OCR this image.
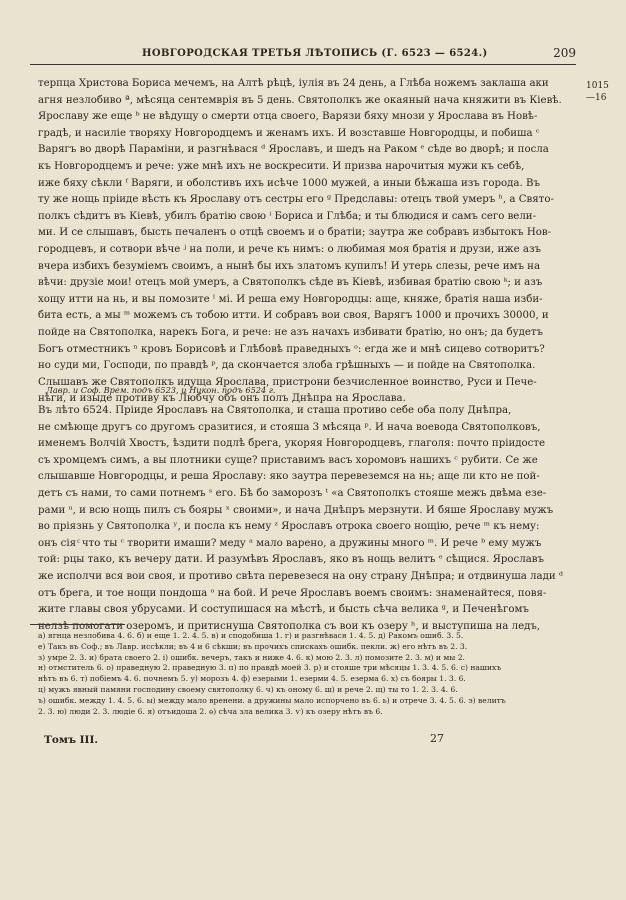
НОВГОРОДСКАЯ ТРЕТЬЯ ЛѢТОПИСЬ (Г. 6523 — 6524.)	209
1015
—16
терпца Христова Бориса мечемъ, на Алтѣ рѣцѣ, іулія въ 24 день, а Глѣба ножемъ заклаша аки
агня незлобиво ª, мѣсяца сентемврія въ 5 день. Святополкъ же окаяный нача княжити въ Кіевѣ.
Ярославу же еще ᵇ не вѣдущу о смерти отца своего, Варязи бяху мнози у Ярослава въ Новѣ-
градѣ, и насиліе творяху Новгородцемъ и женамъ ихъ. И возставше Новгородцы, и побиша ᶜ
Варягъ во дворѣ Параміни, и разгнѣвася ᵈ Ярославъ, и шедъ на Раком ᵉ сѣде во дворѣ; и посла
къ Новгородцемъ и рече: уже мнѣ ихъ не воскресити. И призва нарочитыя мужи къ себѣ,
иже бяху сѣкли ᶠ Варяги, и оболстивъ ихъ исѣче 1000 мужей, а иныи бѣжаша изъ города. Въ
ту же нощь пріиде вѣсть къ Ярославу отъ сестры его ᵍ Предславы: отецъ твой умеръ ʰ, а Свято-
полкъ сѣдитъ въ Кіевѣ, убилъ братію свою ⁱ Бориса и Глѣба; и ты блюдися и самъ сего вели-
ми. И се слышавъ, бысть печаленъ о отцѣ своемъ и о братіи; заутра же собравъ избытокъ Нов-
городцевъ, и сотвори вѣче ʲ на поли, и рече къ нимъ: о любимая моя братія и друзи, иже азъ
вчера избихъ безуміемъ своимъ, а нынѣ бы ихъ златомъ купилъ! И утерь слезы, рече имъ на
вѣчи: друзіе мои! отецъ мой умеръ, а Святополкъ сѣде въ Кіевѣ, избивая братію свою ᵏ; и азъ
хощу итти на нь, и вы помозите ˡ мі. И реша ему Новгородцы: аще, княже, братія наша изби-
бита есть, а мы ᵐ можемъ съ тобою итти. И собравъ вои своя, Варягъ 1000 и прочихъ 30000, и
пойде на Святополка, нарекъ Бога, и рече: не азъ начахъ избивати братію, но онъ; да будетъ
Богъ отместникъ ⁿ кровъ Борисовѣ и Глѣбовѣ праведныхъ ᵒ: егда же и мнѣ сицево сотворитъ?
но суди ми, Господи, по правдѣ ᵖ, да скончается злоба грѣшныхъ — и пойде на Святополка.
Слышавъ же Святополкъ идуща Ярослава, пристрони безчисленное воинство, Руси и Пече-
нѣги, и изыде противу къ Любчу объ онъ полъ Днѣпра на Ярослава.
Лавр. и Соф. Врем. подъ 6523, и Никон. подъ 6524 г.
Въ лѣто 6524. Пріиде Ярославъ на Святополка, и сташа противо себе оба полу Днѣпра,
не смѣюще другъ со другомъ сразитися, и стояша 3 мѣсяца ᵖ. И нача воевода Святополковъ,
именемъ Волчій Хвостъ, ѣздити подлѣ брега, укоряя Новгородцевъ, глаголя: почто пріидосте
съ хромцемъ симъ, а вы плотники суще? приставимъ васъ хоромовъ нашихъ ᶜ рубити. Се же
слышавше Новгородцы, и реша Ярославу: яко заутра перевеземся на нь; аще ли кто не пой-
детъ съ нами, то сами потнемъ ˢ его. Бѣ бо заморозъ ᵗ «а Святополкъ стояше межъ двѣма езе-
рами ᵘ, и всю нощь пилъ съ бояры ˣ своими», и нача Днѣпръ мерзнути. И бяше Ярославу мужъ
во пріязнь у Святополка ʸ, и посла къ нему ᶻ Ярославъ отрока своего нощію, рече ᵐ къ нему:
онъ сія ͨ что ты ᶜ творити имаши? меду ᵃ мало варено, а дружины много ᵐ. И рече ᵇ ему мужъ
той: рцы тако, къ вечеру дати. И разумѣвъ Ярославъ, яко въ нощь велитъ ᵉ сѣщися. Ярославъ
же исполчи вся вои своя, и противо свѣта перевезеся на ону страну Днѣпра; и отдвинуша лади ᵈ
отъ брега, и тое нощи пондоша ᵒ на бой. И рече Ярославъ воемъ своимъ: знаменайтеся, повя-
жите главы своя убрусами. И соступишася на мѣстѣ, и бысть сѣча велика ᵍ, и Печенѣгомъ
нелзѣ помогати озеромъ, и притиснуша Святополка съ вои къ озеру ʰ, и выступиша на ледъ,
а) ягнца незлобива 4. 6. б) и еще 1. 2. 4. 5. в) и сподобиша 1. г) и разгнѣвася 1. 4. 5. д) Ракомъ ошиб. 3. 5.
е) Такъ въ Соф.; въ Лавр. иссѣкли; въ 4 и 6 сѣкши; въ прочихъ спискахъ ошибк. пекли. ж) его нѣтъ въ 2. 3.
з) умре 2. 3. и) брата своего 2. і) ошибк. вечеръ, такъ и ниже 4. 6. к) мою 2. 3. л) помозите 2. 3. м) и мы 2.
н) отмститель 6. о) праведную 2. праведную 3. п) по правдѣ моей 3. р) и стояше три мѣсяцы 1. 3. 4. 5. 6. с) нашихъ
нѣтъ въ 6. т) побіемъ 4. 6. почнемъ 5. у) морозъ 4. ф) езерыми 1. езерми 4. 5. езерма 6. х) съ бояры 1. 3. 6.
ц) мужъ явный памяни господину своему святополку 6. ч) къ оному 6. ш) и рече 2. щ) ты то 1. 2. 3. 4. 6.
ъ) ошибк. между 1. 4. 5. 6. ы) между мало вренени. а дружины мало испорчено въ 6. ь) и отрече 3. 4. 5. 6. э) велитъ
2. 3. ю) люди 2. 3. людіе 6. я) отъидоша 2. ѳ) сѣча зла велика 3. ѵ) къ озеру нѣтъ въ 6.
Томъ III.	27
